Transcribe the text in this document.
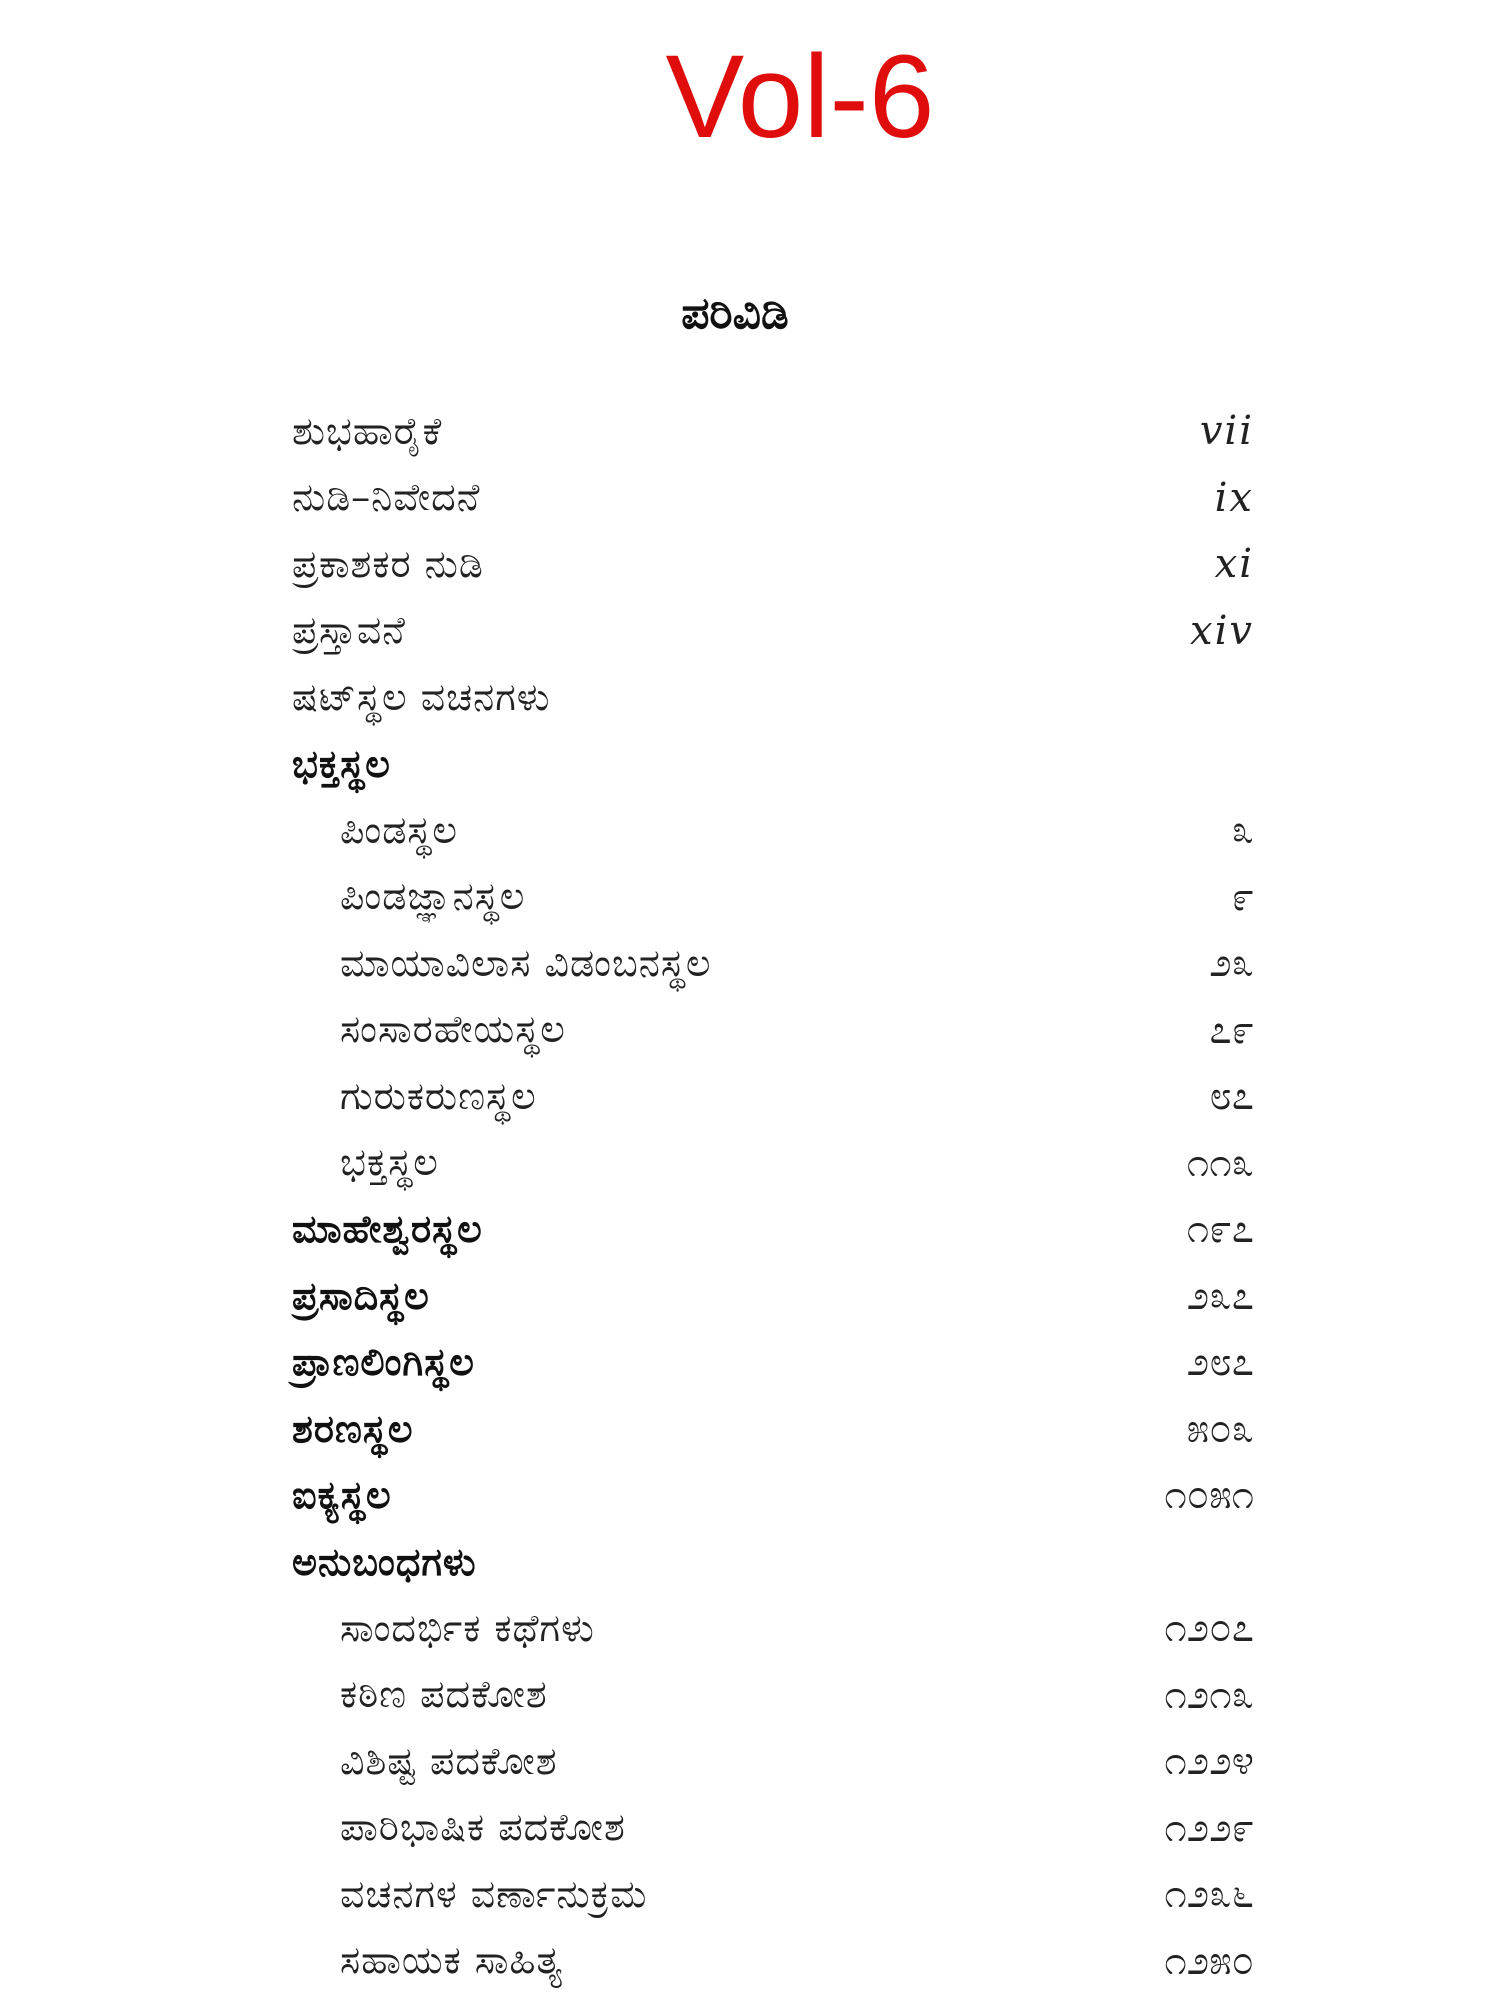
Vol-6
ಪರಿವಿಡಿ
ಶುಭಹಾರೈಕೆ	vii
ನುಡಿ–ನಿವೇದನೆ	ix
ಪ್ರಕಾಶಕರ ನುಡಿ	xi
ಪ್ರಸ್ತಾವನೆ	xiv
ಷಟ್‌ಸ್ಥಲ ವಚನಗಳು
ಭಕ್ತಸ್ಥಲ
ಪಿಂಡಸ್ಥಲ	೩
ಪಿಂಡಜ್ಞಾನಸ್ಥಲ	೯
ಮಾಯಾವಿಲಾಸ ವಿಡಂಬನಸ್ಥಲ	೨೩
ಸಂಸಾರಹೇಯಸ್ಥಲ	೭೯
ಗುರುಕರುಣಸ್ಥಲ	೮೭
ಭಕ್ತಸ್ಥಲ	೧೧೩
ಮಾಹೇಶ್ವರಸ್ಥಲ	೧೯೭
ಪ್ರಸಾದಿಸ್ಥಲ	೨೩೭
ಪ್ರಾಣಲಿಂಗಿಸ್ಥಲ	೨೮೭
ಶರಣಸ್ಥಲ	೫೦೩
ಐಕ್ಯಸ್ಥಲ	೧೦೫೧
ಅನುಬಂಧಗಳು
ಸಾಂದರ್ಭಿಕ ಕಥೆಗಳು	೧೨೦೭
ಕಠಿಣ ಪದಕೋಶ	೧೨೧೩
ವಿಶಿಷ್ಟ ಪದಕೋಶ	೧೨೨೪
ಪಾರಿಭಾಷಿಕ ಪದಕೋಶ	೧೨೨೯
ವಚನಗಳ ವರ್ಣಾನುಕ್ರಮ	೧೨೩೬
ಸಹಾಯಕ ಸಾಹಿತ್ಯ	೧೨೫೦
